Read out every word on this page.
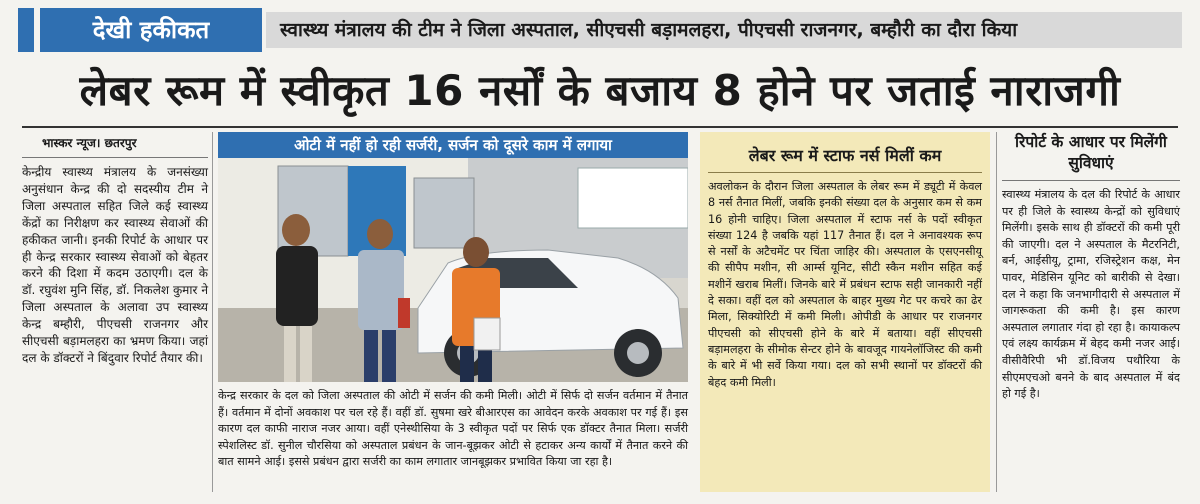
देखी हकीकत	स्वास्थ्य मंत्रालय की टीम ने जिला अस्पताल, सीएचसी बड़ामलहरा, पीएचसी राजनगर, बम्हौरी का दौरा किया
लेबर रूम में स्वीकृत 16 नर्सों के बजाय 8 होने पर जताई नाराजगी
भास्कर न्यूज। छतरपुर
केन्द्रीय स्वास्थ्य मंत्रालय के जनसंख्या अनुसंधान केन्द्र की दो सदस्यीय टीम ने जिला अस्पताल सहित जिले कई स्वास्थ्य केंद्रों का निरीक्षण कर स्वास्थ्य सेवाओं की हकीकत जानी। इनकी रिपोर्ट के आधार पर ही केन्द्र सरकार स्वास्थ्य सेवाओं को बेहतर करने की दिशा में कदम उठाएगी। दल के डॉ. रघुवंश मुनि सिंह, डॉ. निकलेश कुमार ने जिला अस्पताल के अलावा उप स्वास्थ्य केन्द्र बम्हौरी, पीएचसी राजनगर और सीएचसी बड़ामलहरा का भ्रमण किया। जहां दल के डॉक्टरों ने बिंदुवार रिपोर्ट तैयार की।
ओटी में नहीं हो रही सर्जरी, सर्जन को दूसरे काम में लगाया
केन्द्र सरकार के दल को जिला अस्पताल की ओटी में सर्जन की कमी मिली। ओटी में सिर्फ दो सर्जन वर्तमान में तैनात हैं। वर्तमान में दोनों अवकाश पर चल रहे हैं। वहीं डॉ. सुषमा खरे बीआरएस का आवेदन करके अवकाश पर गई हैं। इस कारण दल काफी नाराज नजर आया। वहीं एनेस्थीसिया के 3 स्वीकृत पदों पर सिर्फ एक डॉक्टर तैनात मिला। सर्जरी स्पेशलिस्ट डॉ. सुनील चौरसिया को अस्पताल प्रबंधन के जान-बूझकर ओटी से हटाकर अन्य कार्यों में तैनात करने की बात सामने आई। इससे प्रबंधन द्वारा सर्जरी का काम लगातार जानबूझकर प्रभावित किया जा रहा है।
लेबर रूम में स्टाफ नर्स मिलीं कम
अवलोकन के दौरान जिला अस्पताल के लेबर रूम में ड्यूटी में केवल 8 नर्स तैनात मिलीं, जबकि इनकी संख्या दल के अनुसार कम से कम 16 होनी चाहिए। जिला अस्पताल में स्टाफ नर्स के पदों स्वीकृत संख्या 124 है जबकि यहां 117 तैनात हैं। दल ने अनावश्यक रूप से नर्सों के अटैचमेंट पर चिंता जाहिर की। अस्पताल के एसएनसीयू की सीपैप मशीन, सी आर्म्स यूनिट, सीटी स्कैन मशीन सहित कई मशीनें खराब मिलीं। जिनके बारे में प्रबंधन स्टाफ सही जानकारी नहीं दे सका। वहीं दल को अस्पताल के बाहर मुख्य गेट पर कचरे का ढेर मिला, सिक्योरिटी में कमी मिली। ओपीडी के आधार पर राजनगर पीएचसी को सीएचसी होने के बारे में बताया। वहीं सीएचसी बड़ामलहरा के सीमोक सेन्टर होने के बावजूद गायनेलॉजिस्ट की कमी के बारे में भी सर्वे किया गया। दल को सभी स्थानों पर डॉक्टरों की बेहद कमी मिली।
रिपोर्ट के आधार पर मिलेंगी सुविधाएं
स्वास्थ्य मंत्रालय के दल की रिपोर्ट के आधार पर ही जिले के स्वास्थ्य केन्द्रों को सुविधाएं मिलेंगी। इसके साथ ही डॉक्टरों की कमी पूरी की जाएगी। दल ने अस्पताल के मैटरनिटी, बर्न, आईसीयू, ट्रामा, रजिस्ट्रेशन कक्ष, मेन पावर, मेडिसिन यूनिट को बारीकी से देखा। दल ने कहा कि जनभागीदारी से अस्पताल में जागरूकता की कमी है। इस कारण अस्पताल लगातार गंदा हो रहा है। कायाकल्प एवं लक्ष्य कार्यक्रम में बेहद कमी नजर आई। वीसीवैरिपी भी डॉ.विजय पथौरिया के सीएमएचओ बनने के बाद अस्पताल में बंद हो गई है।
